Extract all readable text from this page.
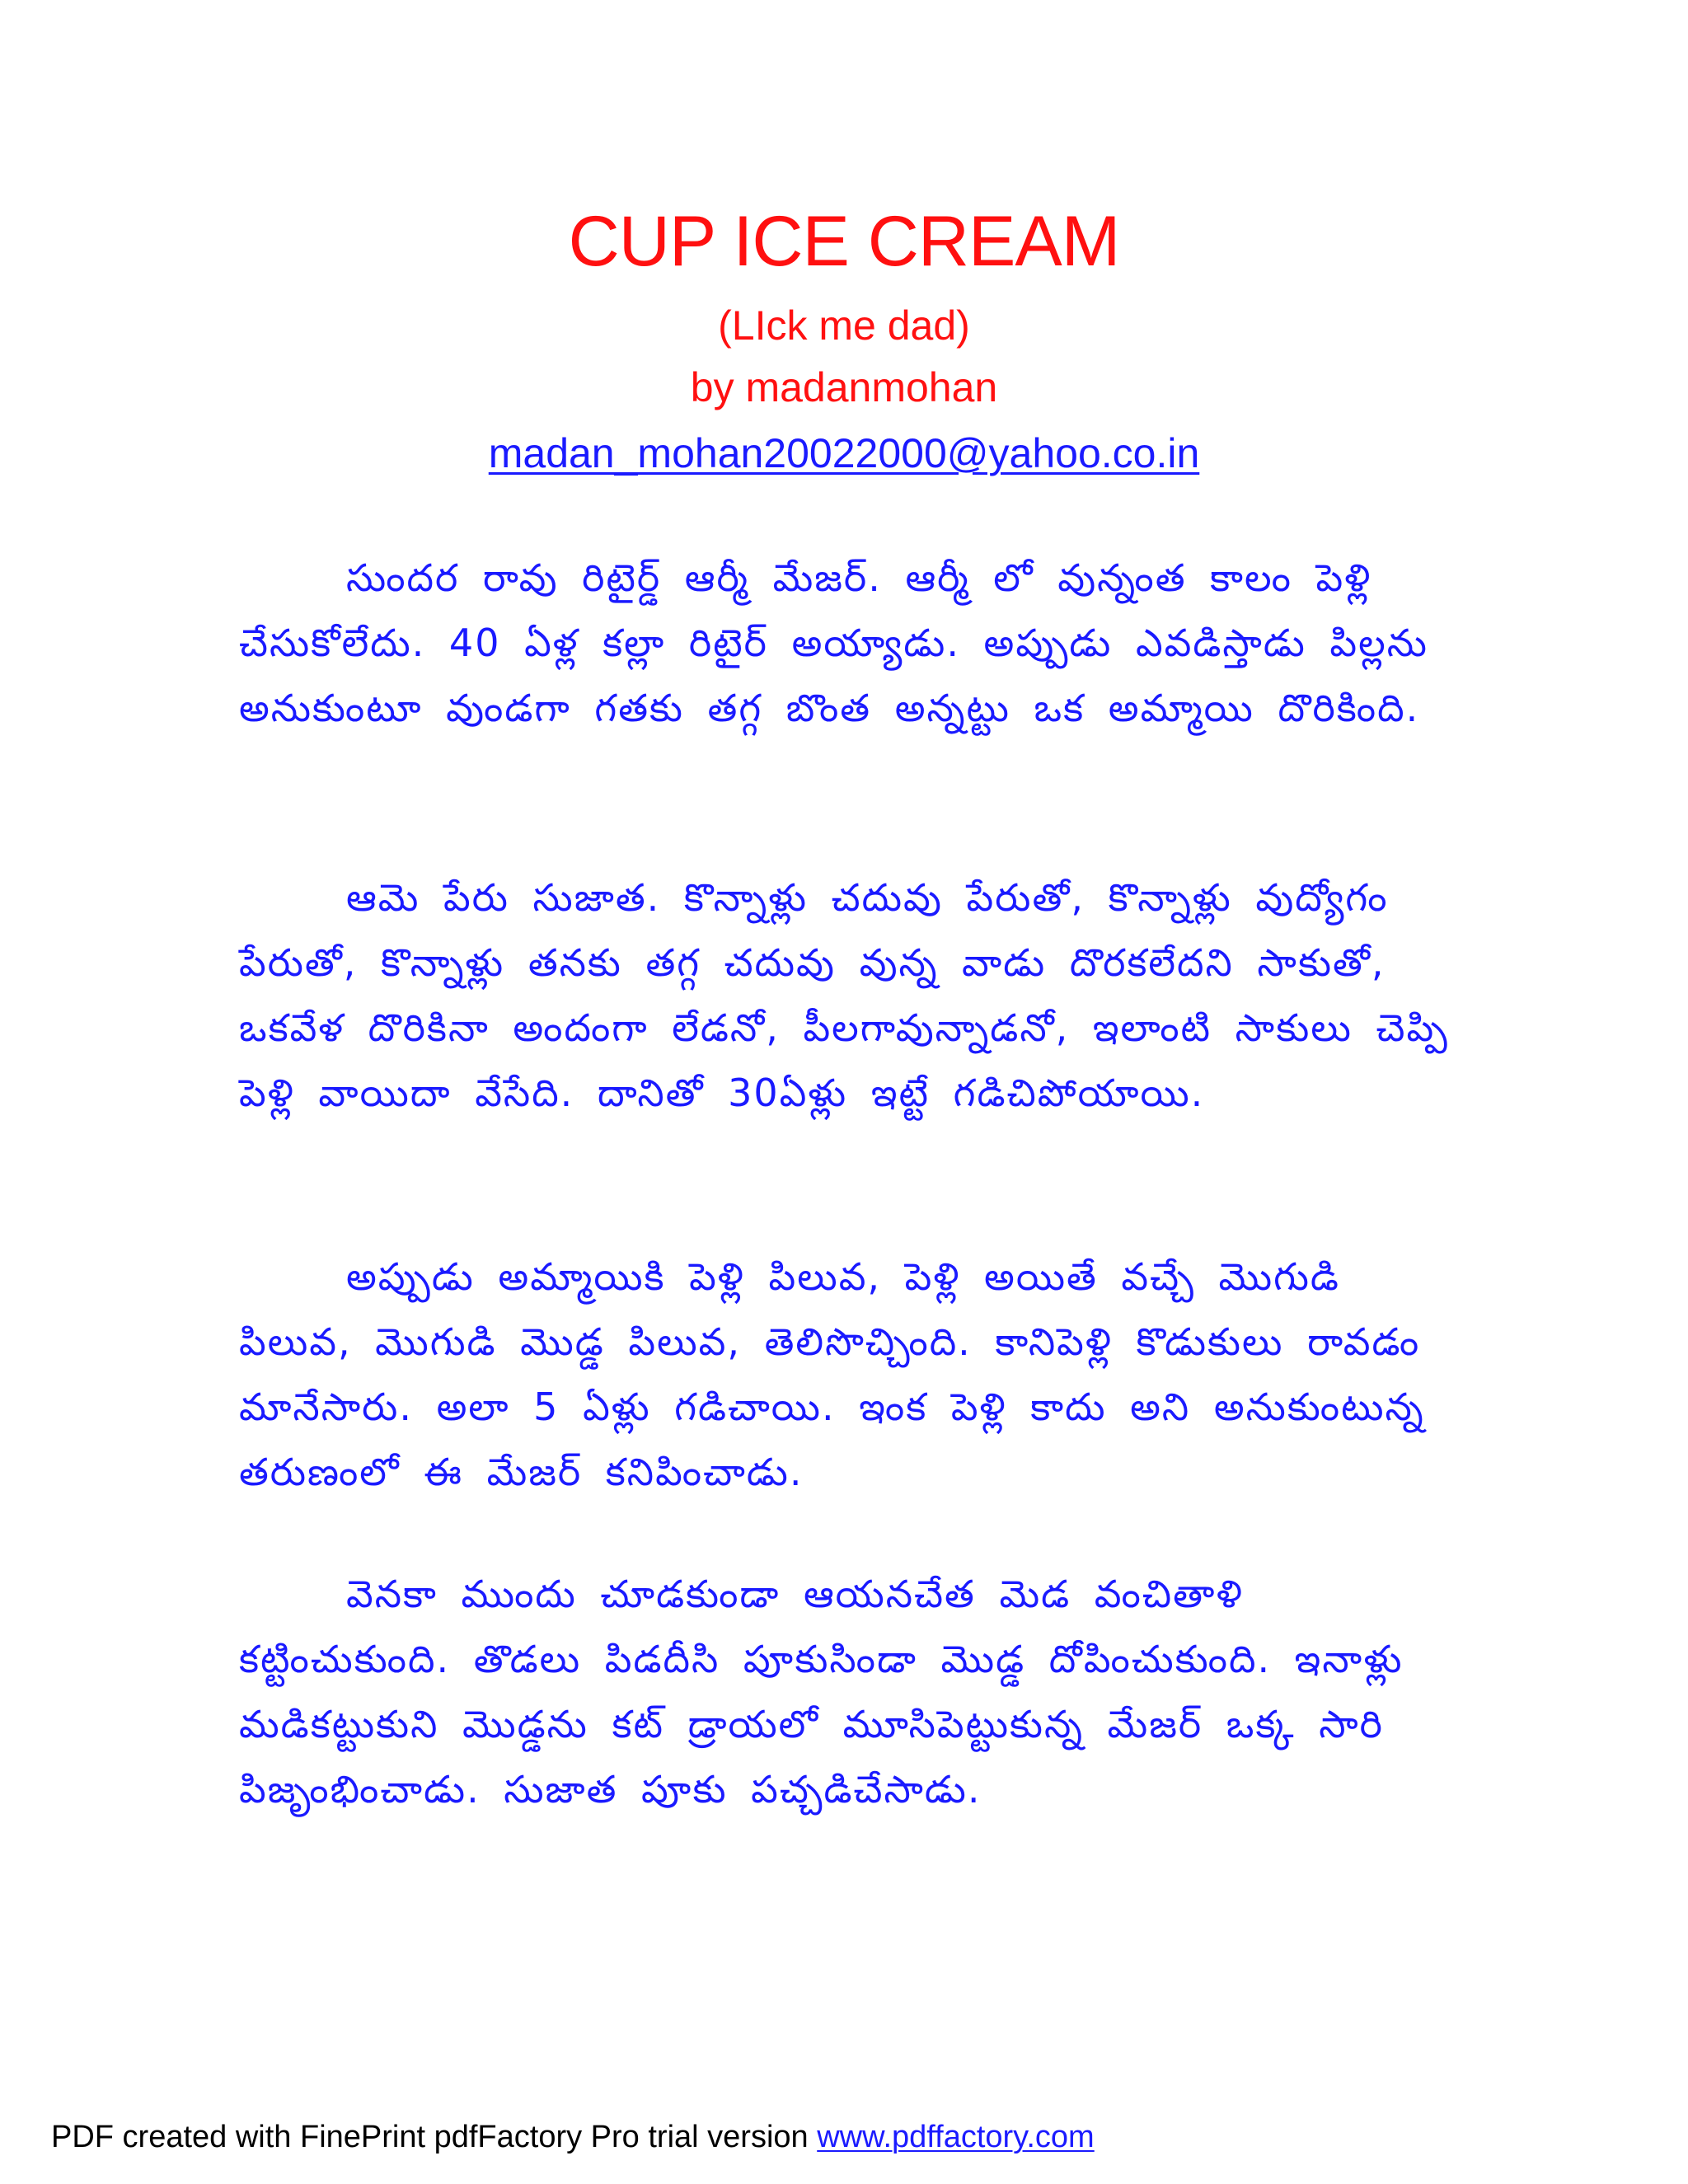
CUP ICE CREAM
(LIck me dad)
by madanmohan
madan_mohan20022000@yahoo.co.in

సుందర రావు రిటైర్డ్ ఆర్మీ మేజర్. ఆర్మీ లో వున్నంత కాలం పెళ్లి చేసుకోలేదు. 40 ఏళ్ల కల్లా రిటైర్ అయ్యాడు. అప్పుడు ఎవడిస్తాడు పిల్లను అనుకుంటూ వుండగా గతకు తగ్గ బొంత అన్నట్టు ఒక అమ్మాయి దొరికింది.

ఆమె పేరు సుజాత. కొన్నాళ్లు చదువు పేరుతో, కొన్నాళ్లు వుద్యోగం పేరుతో, కొన్నాళ్లు తనకు తగ్గ చదువు వున్న వాడు దొరకలేదని సాకుతో, ఒకవేళ దొరికినా అందంగా లేడనో, పీలగావున్నాడనో, ఇలాంటి సాకులు చెప్పి పెళ్లి వాయిదా వేసేది. దానితో 30ఏళ్లు ఇట్టే గడిచిపోయాయి.

అప్పుడు అమ్మాయికి పెళ్లి పిలువ, పెళ్లి అయితే వచ్చే మొగుడి పిలువ, మొగుడి మొడ్డ పిలువ, తెలిసొచ్చింది. కానిపెళ్లి కొడుకులు రావడం మానేసారు. అలా 5 ఏళ్లు గడిచాయి. ఇంక పెళ్లి కాదు అని అనుకుంటున్న తరుణంలో ఈ మేజర్ కనిపించాడు.

వెనకా ముందు చూడకుండా ఆయనచేత మెడ వంచితాళి కట్టించుకుంది. తొడలు పిడదీసి పూకుసిండా మొడ్డ దోపించుకుంది. ఇనాళ్లు మడికట్టుకుని మొడ్డను కట్ డ్రాయలో మూసిపెట్టుకున్న మేజర్ ఒక్క సారి పిజృంభించాడు. సుజాత పూకు పచ్చడిచేసాడు.

PDF created with FinePrint pdfFactory Pro trial version www.pdffactory.com
